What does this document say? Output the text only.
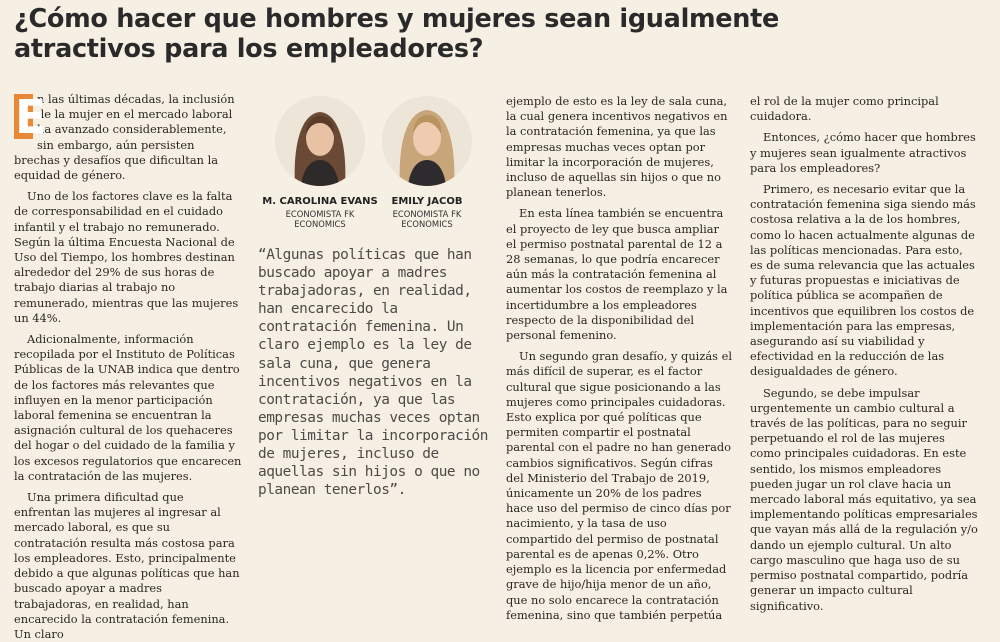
¿Cómo hacer que hombres y mujeres sean igualmente
atractivos para los empleadores?

E
n las últimas décadas, la inclusión de la mujer en el mercado laboral ha avanzado considerablemente, sin embargo, aún persisten brechas y desafíos que dificultan la equidad de género.

Uno de los factores clave es la falta de corresponsabilidad en el cuidado infantil y el trabajo no remunerado. Según la última Encuesta Nacional de Uso del Tiempo, los hombres destinan alrededor del 29% de sus horas de trabajo diarias al trabajo no remunerado, mientras que las mujeres un 44%.

Adicionalmente, información recopilada por el Instituto de Políticas Públicas de la UNAB indica que dentro de los factores más relevantes que influyen en la menor participación laboral femenina se encuentran la asignación cultural de los quehaceres del hogar o del cuidado de la familia y los excesos regulatorios que encarecen la contratación de las mujeres.

Una primera dificultad que enfrentan las mujeres al ingresar al mercado laboral, es que su contratación resulta más costosa para los empleadores. Esto, principalmente debido a que algunas políticas que han buscado apoyar a madres trabajadoras, en realidad, han encarecido la contratación femenina. Un claro

M. CAROLINA EVANS
ECONOMISTA FK
ECONOMICS
EMILY JACOB
ECONOMISTA FK
ECONOMICS
“Algunas políticas que han buscado apoyar a madres trabajadoras, en realidad, han encarecido la contratación femenina. Un claro ejemplo es la ley de sala cuna, que genera incentivos negativos en la contratación, ya que las empresas muchas veces optan por limitar la incorporación de mujeres, incluso de aquellas sin hijos o que no planean tenerlos”.

ejemplo de esto es la ley de sala cuna, la cual genera incentivos negativos en la contratación femenina, ya que las empresas muchas veces optan por limitar la incorporación de mujeres, incluso de aquellas sin hijos o que no planean tenerlos.

En esta línea también se encuentra el proyecto de ley que busca ampliar el permiso postnatal parental de 12 a 28 semanas, lo que podría encarecer aún más la contratación femenina al aumentar los costos de reemplazo y la incertidumbre a los empleadores respecto de la disponibilidad del personal femenino.

Un segundo gran desafío, y quizás el más difícil de superar, es el factor cultural que sigue posicionando a las mujeres como principales cuidadoras. Esto explica por qué políticas que permiten compartir el postnatal parental con el padre no han generado cambios significativos. Según cifras del Ministerio del Trabajo de 2019, únicamente un 20% de los padres hace uso del permiso de cinco días por nacimiento, y la tasa de uso compartido del permiso de postnatal parental es de apenas 0,2%. Otro ejemplo es la licencia por enfermedad grave de hijo/hija menor de un año, que no solo encarece la contratación femenina, sino que también perpetúa

el rol de la mujer como principal cuidadora.

Entonces, ¿cómo hacer que hombres y mujeres sean igualmente atractivos para los empleadores?

Primero, es necesario evitar que la contratación femenina siga siendo más costosa relativa a la de los hombres, como lo hacen actualmente algunas de las políticas mencionadas. Para esto, es de suma relevancia que las actuales y futuras propuestas e iniciativas de política pública se acompañen de incentivos que equilibren los costos de implementación para las empresas, asegurando así su viabilidad y efectividad en la reducción de las desigualdades de género.

Segundo, se debe impulsar urgentemente un cambio cultural a través de las políticas, para no seguir perpetuando el rol de las mujeres como principales cuidadoras. En este sentido, los mismos empleadores pueden jugar un rol clave hacia un mercado laboral más equitativo, ya sea implementando políticas empresariales que vayan más allá de la regulación y/o dando un ejemplo cultural. Un alto cargo masculino que haga uso de su permiso postnatal compartido, podría generar un impacto cultural significativo.
